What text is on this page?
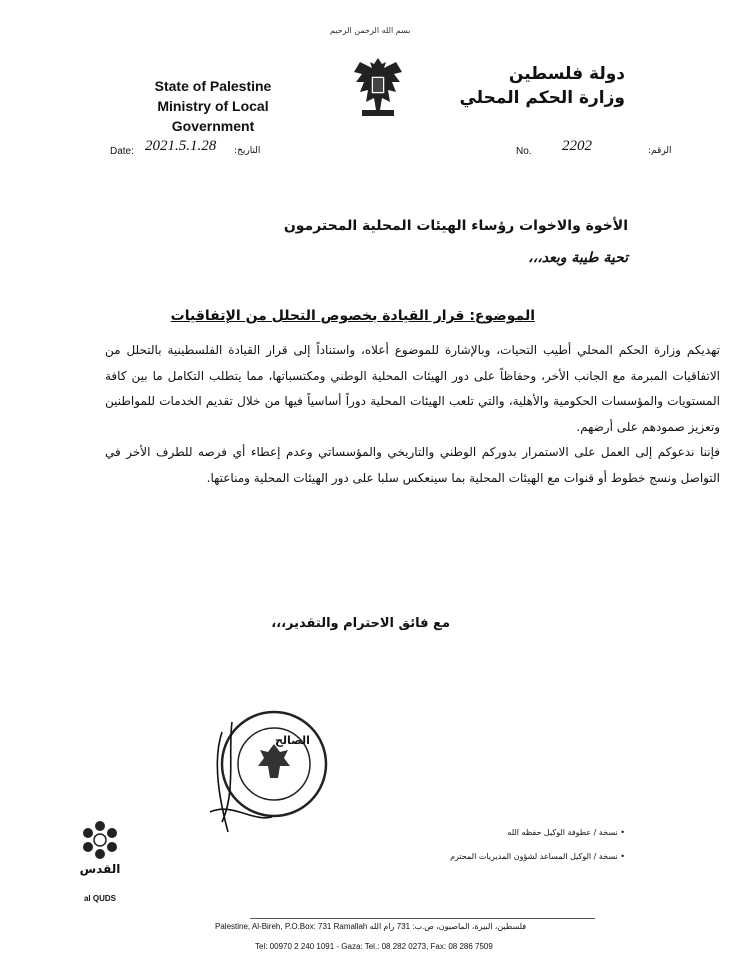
بسم الله الرحمن الرحيم
State of Palestine
Ministry of Local Government
دولة فلسطين
وزارة الحكم المحلي
Date: 2021.5.1.28 التاريخ:	No. 2202	الرقم:
الأخوة والاخوات رؤساء الهيئات المحلية المحترمون
تحية طيبة وبعد،،،
الموضوع: قرار القيادة بخصوص التحلل من الإتفاقيات

تهديكم وزارة الحكم المحلي أطيب التحيات، وبالإشارة للموضوع أعلاه، واستناداً إلى قرار القيادة الفلسطينية بالتحلل من الاتفاقيات المبرمة مع الجانب الأخر، وحفاظاً على دور الهيئات المحلية الوطني ومكتسباتها، مما يتطلب التكامل ما بين كافة المستويات والمؤسسات الحكومية والأهلية، والتي تلعب الهيئات المحلية دوراً أساسياً فيها من خلال تقديم الخدمات للمواطنين وتعزيز صمودهم على أرضهم.

فإننا ندعوكم إلى العمل على الاستمرار بدوركم الوطني والتاريخي والمؤسساتي وعدم إعطاء أي فرصه للطرف الأخر في التواصل ونسج خطوط أو قنوات مع الهيئات المحلية بما سينعكس سلبا على دور الهيئات المحلية ومناعتها.

مع فائق الاحترام والتقدير،،،
الصالح
• نسخة / عطوفة الوكيل حفظه الله
• نسخة / الوكيل المساعد لشؤون المديريات المحترم
القدس
al QUDS
Palestine, Al-Bireh, P.O.Box: 731 Ramallah فلسطين، البيرة، الماصيون، ص.ب: 731 رام الله
Tel: 00970 2 240 1091 - Gaza: Tel.: 08 282 0273, Fax: 08 286 7509
